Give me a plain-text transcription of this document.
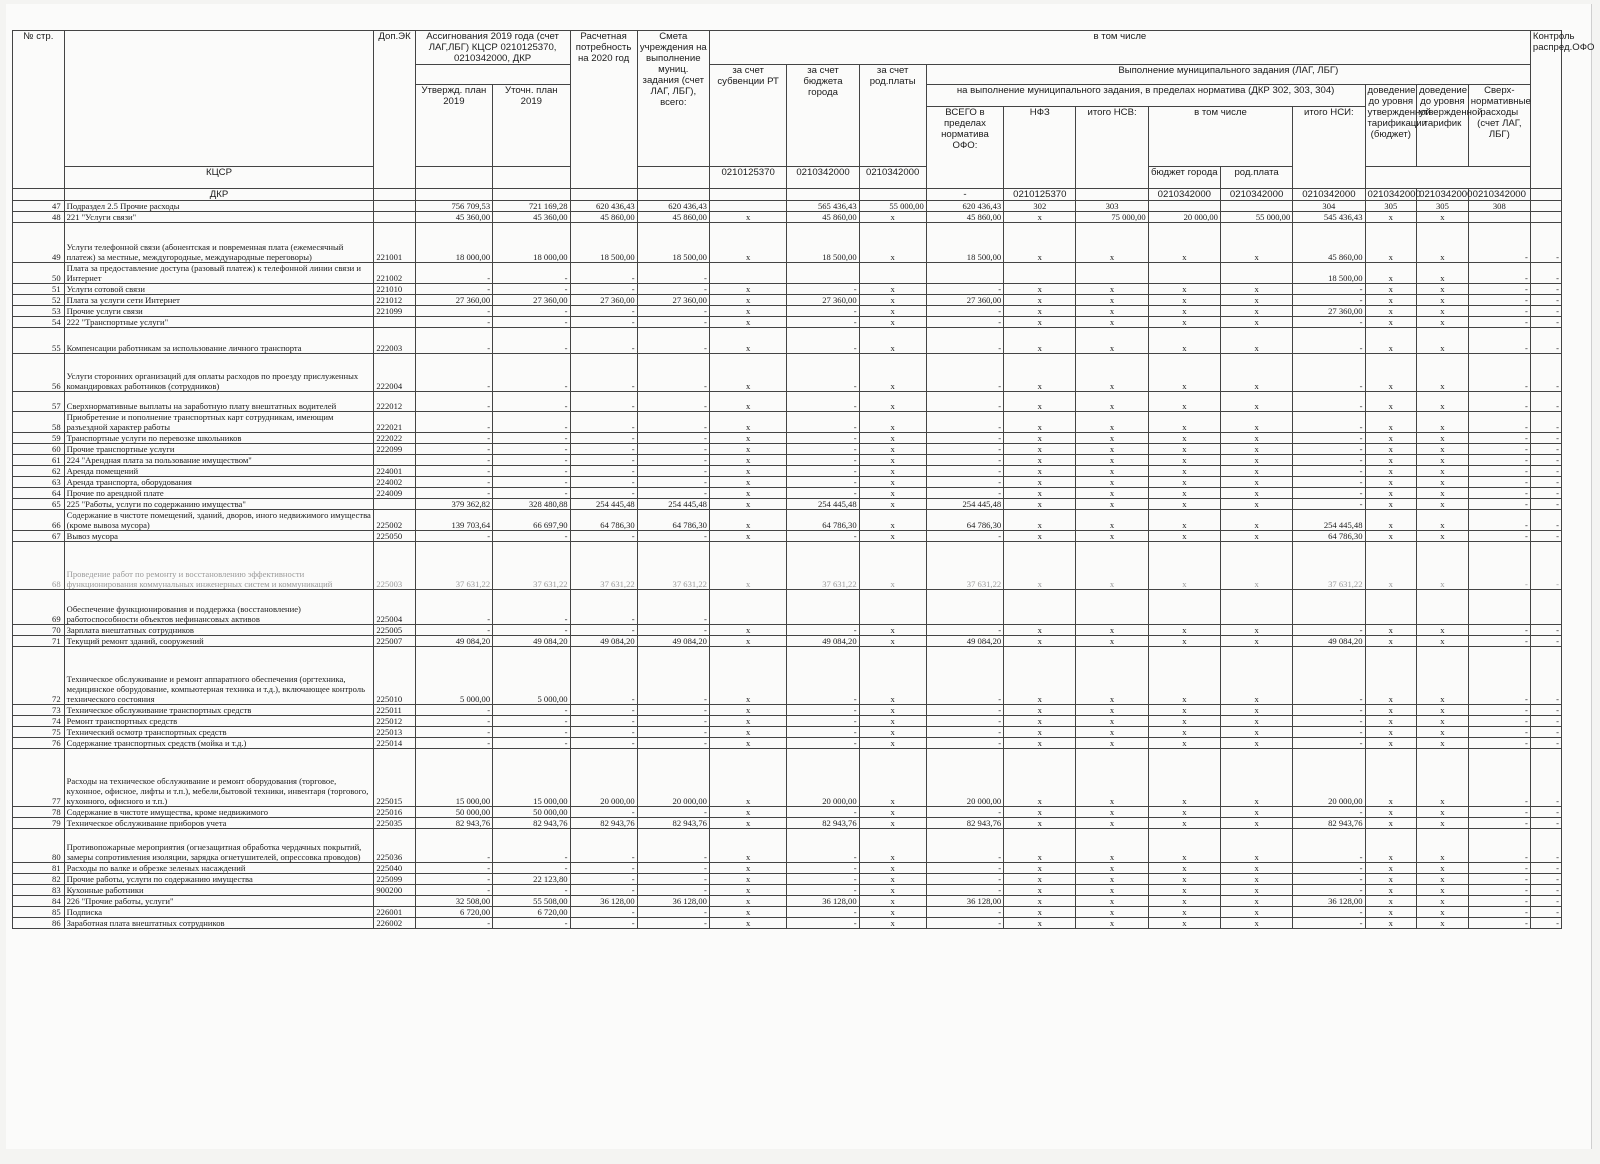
№ стр.		Доп.ЭК	Ассигнования 2019 года (счет ЛАГ,ЛБГ) КЦСР 0210125370, 0210342000, ДКР		Расчетная потребность на 2020 год	Смета учреждения на выполнение муниц. задания (счет ЛАГ, ЛБГ), всего:	в том числе												Контроль распред.ОФО
							за счет субвенции РТ	за счет бюджета города	за счет род.платы	Выполнение муниципального задания (ЛАГ, ЛБГ)									
			Утвержд. план 2019	Уточн. план 2019						на выполнение муниципального задания, в пределах норматива (ДКР 302, 303, 304)						доведение до уровня утвержденной тарификации (бюджет)	доведение до уровня утвержденной тарифик	Сверх-нормативные расходы (счет ЛАГ, ЛБГ)	
										ВСЕГО в пределах норматива ОФО:	НФЗ	итого НСВ:	в том числе		итого НСИ:				
	КЦСР						0210125370	0210342000	0210342000				бюджет города	род.плата					
	ДКР									-	0210125370		0210342000	0210342000	0210342000	0210342000	0210342000	0210342000	
47	Подраздел 2.5 Прочие расходы		756 709,53	721 169,28	620 436,43	620 436,43		565 436,43	55 000,00	620 436,43	302	303			304	305	305	308	
48	221 "Услуги связи"		45 360,00	45 360,00	45 860,00	45 860,00	x	45 860,00	x	45 860,00	x	75 000,00	20 000,00	55 000,00	545 436,43	x	x		
49	Услуги телефонной связи (абонентская и повременная плата (ежемесячный платеж) за местные, междугородные, международные переговоры)	221001	18 000,00	18 000,00	18 500,00	18 500,00	x	18 500,00	x	18 500,00	x	x	x	x	45 860,00	x	x	-	-
50	Плата за предоставление доступа (разовый платеж) к телефонной линии связи и Интернет	221002	-	-	-	-									18 500,00	x	x	-	-
51	Услуги сотовой связи	221010	-	-	-	-	x	-	x	-	x	x	x	x	-	x	x	-	-
52	Плата за услуги сети Интернет	221012	27 360,00	27 360,00	27 360,00	27 360,00	x	27 360,00	x	27 360,00	x	x	x	x	-	x	x	-	-
53	Прочие услуги связи	221099	-	-	-	-	x	-	x	-	x	x	x	x	27 360,00	x	x	-	-
54	222 "Транспортные услуги"		-	-	-	-	x	-	x	-	x	x	x	x	-	x	x	-	-
55	Компенсации работникам за использование личного транспорта	222003	-	-	-	-	x	-	x	-	x	x	x	x	-	x	x	-	-
56	Услуги сторонних организаций для оплаты расходов по проезду прислуженных командировках работников (сотрудников)	222004	-	-	-	-	x	-	x	-	x	x	x	x	-	x	x	-	-
57	Сверхнормативные выплаты на заработную плату внештатных водителей	222012	-	-	-	-	x	-	x	-	x	x	x	x	-	x	x	-	-
58	Приобретение и пополнение транспортных карт сотрудникам, имеющим разъездной характер работы	222021	-	-	-	-	x	-	x	-	x	x	x	x	-	x	x	-	-
59	Транспортные услуги по перевозке школьников	222022	-	-	-	-	x	-	x	-	x	x	x	x	-	x	x	-	-
60	Прочие транспортные услуги	222099	-	-	-	-	x	-	x	-	x	x	x	x	-	x	x	-	-
61	224 "Арендная плата за пользование имуществом"		-	-	-	-	x	-	x	-	x	x	x	x	-	x	x	-	-
62	Аренда помещений	224001	-	-	-	-	x	-	x	-	x	x	x	x	-	x	x	-	-
63	Аренда транспорта, оборудования	224002	-	-	-	-	x	-	x	-	x	x	x	x	-	x	x	-	-
64	Прочие по арендной плате	224009	-	-	-	-	x	-	x	-	x	x	x	x	-	x	x	-	-
65	225 "Работы, услуги по содержанию имущества"		379 362,82	328 480,88	254 445,48	254 445,48	x	254 445,48	x	254 445,48	x	x	x	x	-	x	x	-	-
66	Содержание в чистоте помещений, зданий, дворов, иного недвижимого имущества (кроме вывоза мусора)	225002	139 703,64	66 697,90	64 786,30	64 786,30	x	64 786,30	x	64 786,30	x	x	x	x	254 445,48	x	x	-	-
67	Вывоз мусора	225050	-	-	-	-	x	-	x	-	x	x	x	x	64 786,30	x	x	-	-
68	Проведение работ по ремонту и восстановлению эффективности функционирования коммунальных инженерных систем и коммуникаций	225003	37 631,22	37 631,22	37 631,22	37 631,22	x	37 631,22	x	37 631,22	x	x	x	x	37 631,22	x	x	-	-
69	Обеспечение функционирования и поддержка (восстановление) работоспособности объектов нефинансовых активов	225004	-	-	-	-													
70	Зарплата внештатных сотрудников	225005	-	-	-	-	x	-	x	-	x	x	x	x	-	x	x	-	-
71	Текущий ремонт зданий, сооружений	225007	49 084,20	49 084,20	49 084,20	49 084,20	x	49 084,20	x	49 084,20	x	x	x	x	49 084,20	x	x	-	-
72	Техническое обслуживание и ремонт аппаратного обеспечения (оргтехника, медицинское оборудование, компьютерная техника и т.д.), включающее контроль технического состояния	225010	5 000,00	5 000,00	-	-	x	-	x	-	x	x	x	x	-	x	x	-	-
73	Техническое обслуживание транспортных средств	225011	-	-	-	-	x	-	x	-	x	x	x	x	-	x	x	-	-
74	Ремонт транспортных средств	225012	-	-	-	-	x	-	x	-	x	x	x	x	-	x	x	-	-
75	Технический осмотр транспортных средств	225013	-	-	-	-	x	-	x	-	x	x	x	x	-	x	x	-	-
76	Содержание транспортных средств (мойка и т.д.)	225014	-	-	-	-	x	-	x	-	x	x	x	x	-	x	x	-	-
77	Расходы на техническое обслуживание и ремонт оборудования (торговое, кухонное, офисное, лифты и т.п.), мебели,бытовой техники, инвентаря (торгового, кухонного, офисного и т.п.)	225015	15 000,00	15 000,00	20 000,00	20 000,00	x	20 000,00	x	20 000,00	x	x	x	x	20 000,00	x	x	-	-
78	Содержание в чистоте имущества, кроме недвижимого	225016	50 000,00	50 000,00	-	-	x	-	x	-	x	x	x	x	-	x	x	-	-
79	Техническое обслуживание приборов учета	225035	82 943,76	82 943,76	82 943,76	82 943,76	x	82 943,76	x	82 943,76	x	x	x	x	82 943,76	x	x	-	-
80	Противопожарные мероприятия (огнезащитная обработка чердачных покрытий, замеры сопротивления изоляции, зарядка огнетушителей, опрессовка проводов)	225036	-	-	-	-	x	-	x	-	x	x	x	x	-	x	x	-	-
81	Расходы по валке и обрезке зеленых насаждений	225040	-	-	-	-	x	-	x	-	x	x	x	x	-	x	x	-	-
82	Прочие работы, услуги по содержанию имущества	225099	-	22 123,80	-	-	x	-	x	-	x	x	x	x	-	x	x	-	-
83	Кухонные работники	900200	-	-	-	-	x	-	x	-	x	x	x	x	-	x	x	-	-
84	226 "Прочие работы, услуги"		32 508,00	55 508,00	36 128,00	36 128,00	x	36 128,00	x	36 128,00	x	x	x	x	36 128,00	x	x	-	-
85	Подписка	226001	6 720,00	6 720,00	-	-	x	-	x	-	x	x	x	x	-	x	x	-	-
86	Заработная плата внештатных сотрудников	226002	-	-	-	-	x	-	x	-	x	x	x	x	-	x	x	-	-
